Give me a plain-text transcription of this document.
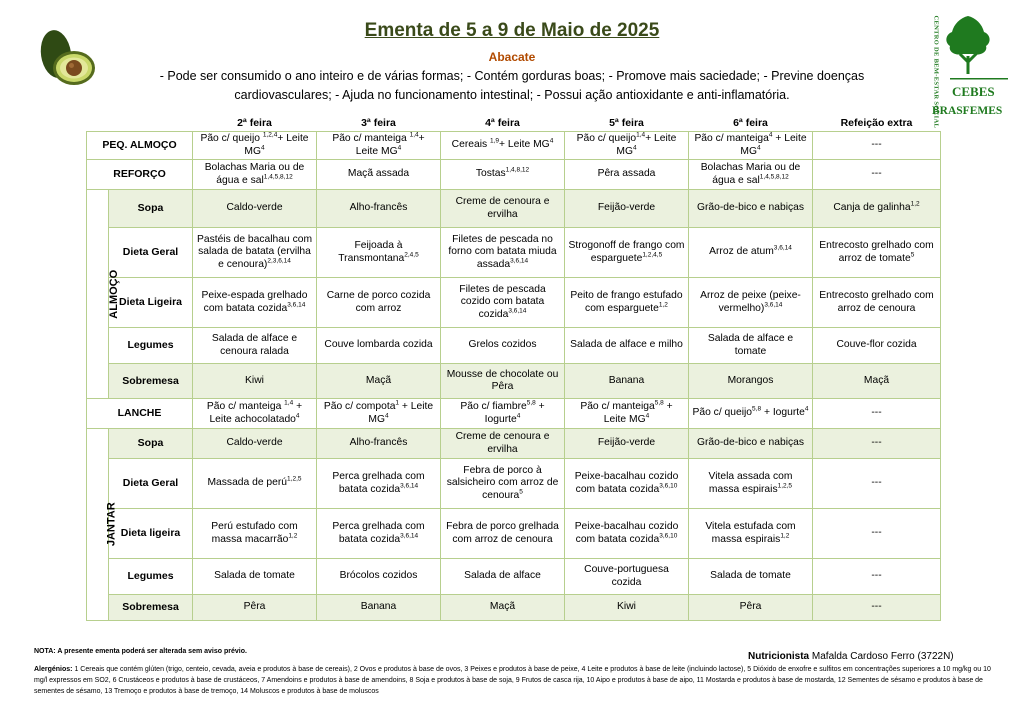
CENTRO DE BEM-ESTAR SOCIAL CEBES
BRASFEMES
Ementa de 5 a 9 de Maio de 2025
Abacate
- Pode ser consumido o ano inteiro e de várias formas; - Contém gorduras boas; - Promove mais saciedade; - Previne doenças cardiovasculares; - Ajuda no funcionamento intestinal; - Possui ação antioxidante e anti-inflamatória.
		2ª feira	3ª feira	4ª feira	5ª feira	6ª feira	Refeição extra
PEQ. ALMOÇO		Pão c/ queijo $^{1,2,4}$+ Leite $MG^4$	Pão c/ manteiga $^{1,4}$+ Leite $MG^4$	Cereais $^{1,9}$+ Leite $MG^4$	Pão c/ queijo$^{1,4}$+ Leite $MG^4$	Pão c/ manteiga$^4$ + Leite $MG^4$	---
REFORÇO		Bolachas Maria ou de água e sal$^{1,4,5,8,12}$	Maçã assada	Tostas$^{1,4,8,12}$	Pêra assada	Bolachas Maria ou de água e sal$^{1,4,5,8,12}$	---
ALMOÇO	Sopa	Caldo-verde	Alho-francês	Creme de cenoura e ervilha	Feijão-verde	Grão-de-bico e nabiças	Canja de galinha$^{1,2}$
	Dieta Geral	Pastéis de bacalhau com salada de batata (ervilha e cenoura)$^{2,3,6,14}$	Feijoada à Transmontana$^{2,4,5}$	Filetes de pescada no forno com batata miuda assada$^{3,6,14}$	Strogonoff de frango com esparguete$^{1,2,4,5}$	Arroz de atum$^{3,6,14}$	Entrecosto grelhado com arroz de tomate$^5$
	Dieta Ligeira	Peixe-espada grelhado com batata cozida$^{3,6,14}$	Carne de porco cozida com arroz	Filetes de pescada cozido com batata cozida$^{3,6,14}$	Peito de frango estufado com esparguete$^{1,2}$	Arroz de peixe (peixe-vermelho)$^{3,6,14}$	Entrecosto grelhado com arroz de cenoura
	Legumes	Salada de alface e cenoura ralada	Couve lombarda cozida	Grelos cozidos	Salada de alface e milho	Salada de alface e tomate	Couve-flor cozida
	Sobremesa	Kiwi	Maçã	Mousse de chocolate ou Pêra	Banana	Morangos	Maçã
LANCHE		Pão c/ manteiga $^{1,4}$ + Leite achocolatado$^4$	Pão c/ compota$^1$ + Leite $MG^4$	Pão c/ fiambre$^{5,8}$ + Iogurte$^4$	Pão c/ manteiga$^{5,8}$ + Leite $MG^4$	Pão c/ queijo$^{5,8}$ + Iogurte$^4$	---
JANTAR	Sopa	Caldo-verde	Alho-francês	Creme de cenoura e ervilha	Feijão-verde	Grão-de-bico e nabiças	---
	Dieta Geral	Massada de perú$^{1,2,5}$	Perca grelhada com batata cozida$^{3,6,14}$	Febra de porco à salsicheiro com arroz de cenoura$^5$	Peixe-bacalhau cozido com batata cozida$^{3,6,10}$	Vitela assada com massa espirais$^{1,2,5}$	---
	Dieta ligeira	Perú estufado com massa macarrão$^{1,2}$	Perca grelhada com batata cozida$^{3,6,14}$	Febra de porco grelhada com arroz de cenoura	Peixe-bacalhau cozido com batata cozida$^{3,6,10}$	Vitela estufada com massa espirais$^{1,2}$	---
	Legumes	Salada de tomate	Brócolos cozidos	Salada de alface	Couve-portuguesa cozida	Salada de tomate	---
	Sobremesa	Pêra	Banana	Maçã	Kiwi	Pêra	---
NOTA: A presente ementa poderá ser alterada sem aviso prévio.	Nutricionista Mafalda Cardoso Ferro (3722N)
Alergénios: 1 Cereais que contém glúten (trigo, centeio, cevada, aveia e produtos à base de cereais), 2 Ovos e produtos à base de ovos, 3 Peixes e produtos à base de peixe, 4 Leite e produtos à base de leite (incluindo lactose), 5 Dióxido de enxofre e sulfitos em concentrações superiores a 10 mg/kg ou 10 mg/l expressos em SO2, 6 Crustáceos e produtos à base de crustáceos, 7 Amendoins e produtos à base de amendoins, 8 Soja e produtos à base de soja, 9 Frutos de casca rija, 10 Aipo e produtos à base de aipo, 11 Mostarda e produtos à base de mostarda, 12 Sementes de sésamo e produtos à base de sementes de sésamo, 13 Tremoço e produtos à base de tremoço, 14 Moluscos e produtos à base de moluscos
